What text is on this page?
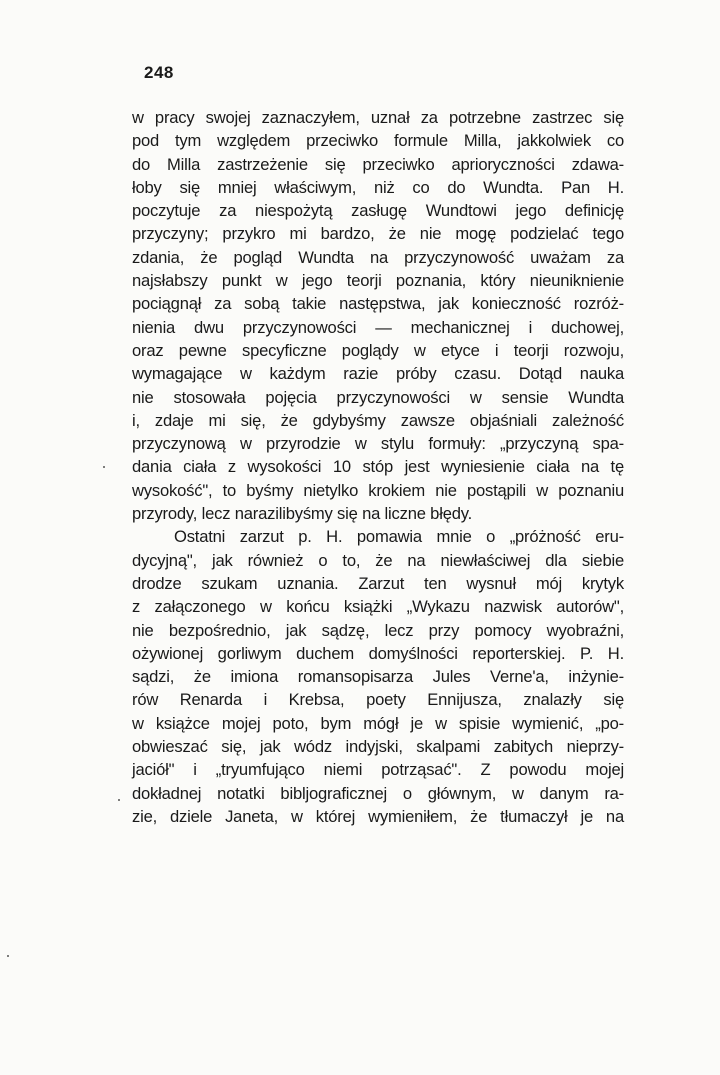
248
w pracy swojej zaznaczyłem, uznał za potrzebne zastrzec się
pod tym względem przeciwko formule Milla, jakkolwiek co
do Milla zastrzeżenie się przeciwko aprioryczności zdawa-
łoby się mniej właściwym, niż co do Wundta. Pan H.
poczytuje za niespożytą zasługę Wundtowi jego definicję
przyczyny; przykro mi bardzo, że nie mogę podzielać tego
zdania, że pogląd Wundta na przyczynowość uważam za
najsłabszy punkt w jego teorji poznania, który nieuniknienie
pociągnął za sobą takie następstwa, jak konieczność rozróż-
nienia dwu przyczynowości — mechanicznej i duchowej,
oraz pewne specyficzne poglądy w etyce i teorji rozwoju,
wymagające w każdym razie próby czasu. Dotąd nauka
nie stosowała pojęcia przyczynowości w sensie Wundta
i, zdaje mi się, że gdybyśmy zawsze objaśniali zależność
przyczynową w przyrodzie w stylu formuły: „przyczyną spa-
dania ciała z wysokości 10 stóp jest wyniesienie ciała na tę
wysokość", to byśmy nietylko krokiem nie postąpili w poznaniu
przyrody, lecz narazilibyśmy się na liczne błędy.
Ostatni zarzut p. H. pomawia mnie o „próżność eru-
dycyjną", jak również o to, że na niewłaściwej dla siebie
drodze szukam uznania. Zarzut ten wysnuł mój krytyk
z załączonego w końcu książki „Wykazu nazwisk autorów",
nie bezpośrednio, jak sądzę, lecz przy pomocy wyobraźni,
ożywionej gorliwym duchem domyślności reporterskiej. P. H.
sądzi, że imiona romansopisarza Jules Verne'a, inżynie-
rów Renarda i Krebsa, poety Ennijusza, znalazły się
w książce mojej poto, bym mógł je w spisie wymienić, „po-
obwieszać się, jak wódz indyjski, skalpami zabitych nieprzy-
jaciół" i „tryumfująco niemi potrząsać". Z powodu mojej
dokładnej notatki bibljograficznej o głównym, w danym ra-
zie, dziele Janeta, w której wymieniłem, że tłumaczył je na
